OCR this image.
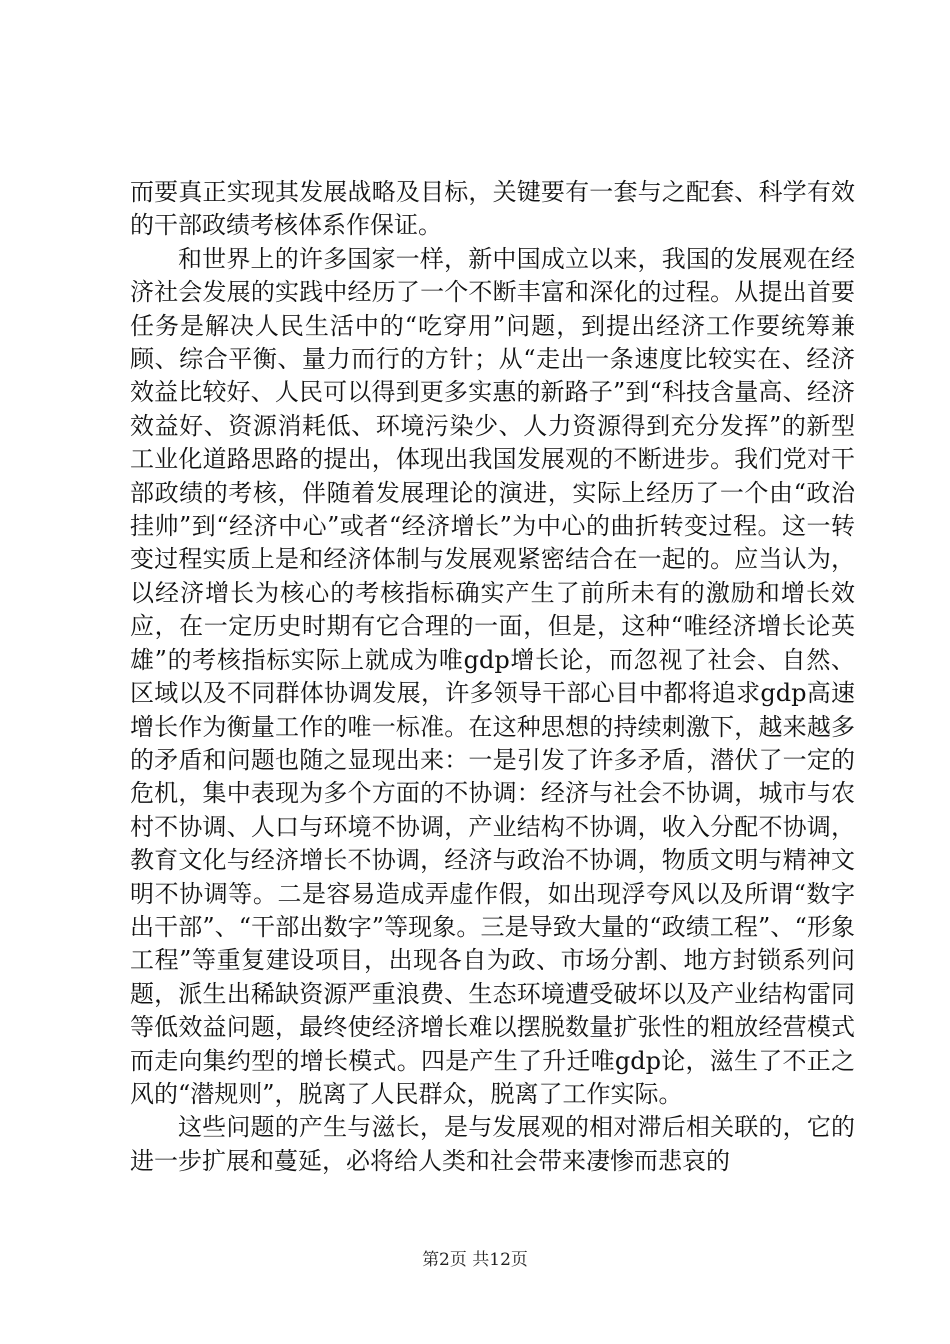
而要真正实现其发展战略及目标，关键要有一套与之配套、科学有效的干部政绩考核体系作保证。

和世界上的许多国家一样，新中国成立以来，我国的发展观在经济社会发展的实践中经历了一个不断丰富和深化的过程。从提出首要任务是解决人民生活中的“吃穿用”问题，到提出经济工作要统筹兼顾、综合平衡、量力而行的方针；从“走出一条速度比较实在、经济效益比较好、人民可以得到更多实惠的新路子”到“科技含量高、经济效益好、资源消耗低、环境污染少、人力资源得到充分发挥”的新型工业化道路思路的提出，体现出我国发展观的不断进步。我们党对干部政绩的考核，伴随着发展理论的演进，实际上经历了一个由“政治挂帅”到“经济中心”或者“经济增长”为中心的曲折转变过程。这一转变过程实质上是和经济体制与发展观紧密结合在一起的。应当认为，以经济增长为核心的考核指标确实产生了前所未有的激励和增长效应，在一定历史时期有它合理的一面，但是，这种“唯经济增长论英雄”的考核指标实际上就成为唯gdp增长论，而忽视了社会、自然、区域以及不同群体协调发展，许多领导干部心目中都将追求gdp高速增长作为衡量工作的唯一标准。在这种思想的持续刺激下，越来越多的矛盾和问题也随之显现出来：一是引发了许多矛盾，潜伏了一定的危机，集中表现为多个方面的不协调：经济与社会不协调，城市与农村不协调、人口与环境不协调，产业结构不协调，收入分配不协调，教育文化与经济增长不协调，经济与政治不协调，物质文明与精神文明不协调等。二是容易造成弄虚作假，如出现浮夸风以及所谓“数字出干部”、“干部出数字”等现象。三是导致大量的“政绩工程”、“形象工程”等重复建设项目，出现各自为政、市场分割、地方封锁系列问题，派生出稀缺资源严重浪费、生态环境遭受破坏以及产业结构雷同等低效益问题，最终使经济增长难以摆脱数量扩张性的粗放经营模式而走向集约型的增长模式。四是产生了升迁唯gdp论，滋生了不正之风的“潜规则”，脱离了人民群众，脱离了工作实际。

这些问题的产生与滋长，是与发展观的相对滞后相关联的，它的进一步扩展和蔓延，必将给人类和社会带来凄惨而悲哀的

第2页 共12页
